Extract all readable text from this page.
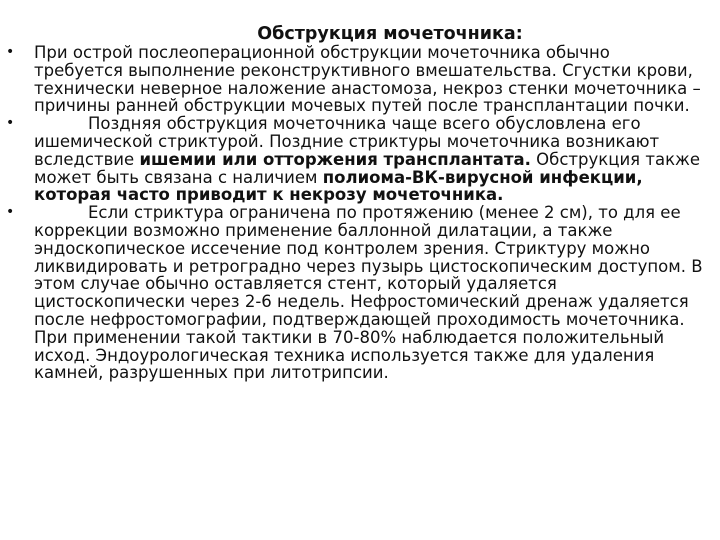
Обструкция мочеточника:
• При острой послеоперационной обструкции мочеточника обычно требуется выполнение реконструктивного вмешательства. Сгустки крови, технически неверное наложение анастомоза, некроз стенки мочеточника – причины ранней обструкции мочевых путей после трансплантации почки.
•	Поздняя обструкция мочеточника чаще всего обусловлена его ишемической стриктурой. Поздние стриктуры мочеточника возникают вследствие ишемии или отторжения трансплантата. Обструкция также может быть связана с наличием полиома-ВК-вирусной инфекции, которая часто приводит к некрозу мочеточника.
•	Если стриктура ограничена по протяжению (менее 2 см), то для ее коррекции возможно применение баллонной дилатации, а также эндоскопическое иссечение под контролем зрения. Стриктуру можно ликвидировать и ретроградно через пузырь цистоскопическим доступом. В этом случае обычно оставляется стент, который удаляется цистоскопически через 2-6 недель. Нефростомический дренаж удаляется после нефростомографии, подтверждающей проходимость мочеточника. При применении такой тактики в 70-80% наблюдается положительный исход. Эндоурологическая техника используется также для удаления камней, разрушенных при литотрипсии.
